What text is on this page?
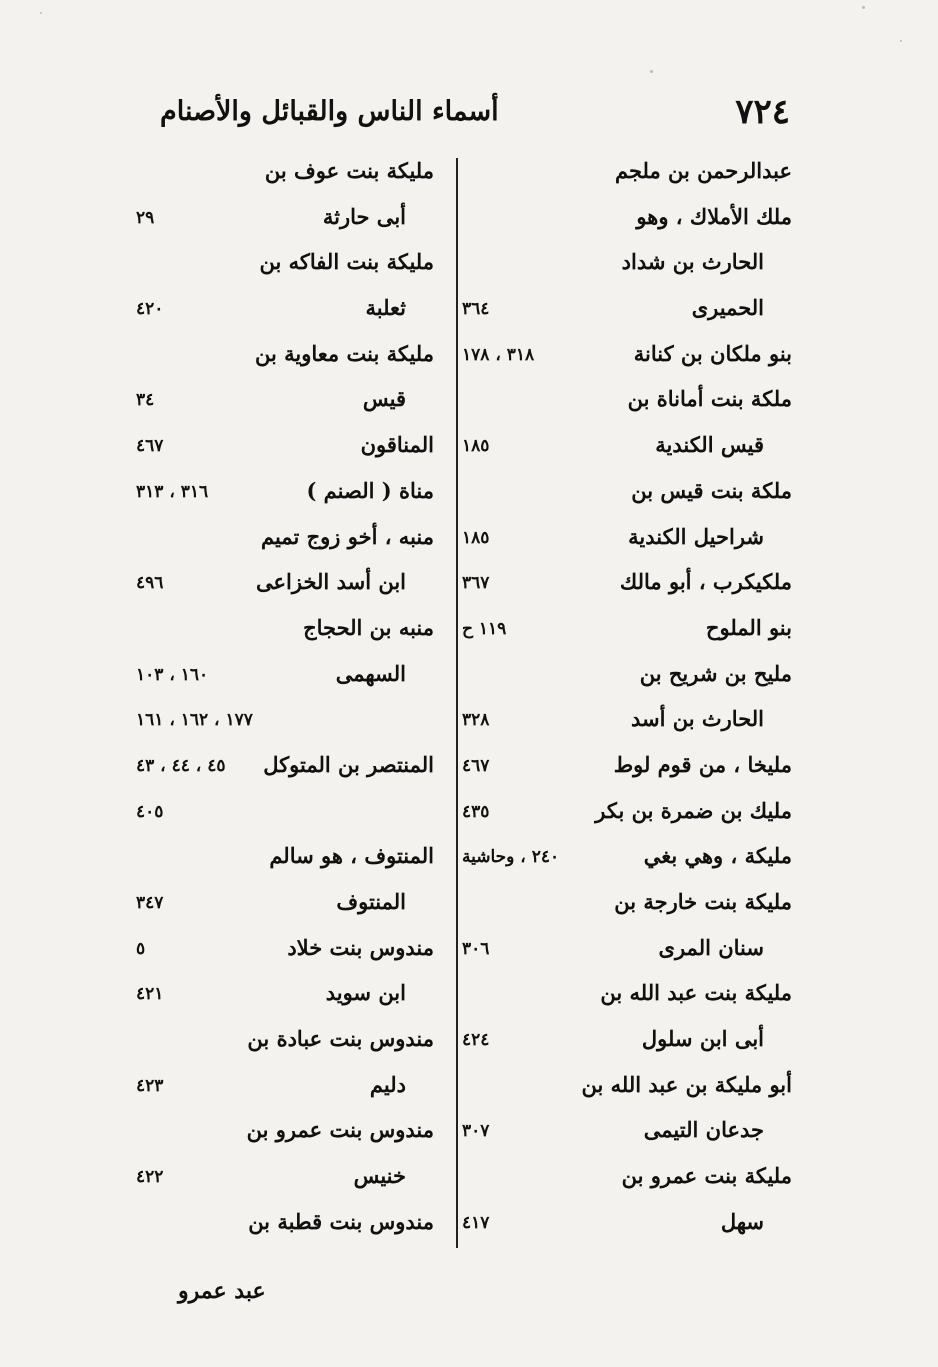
٧٢٤
أسماء الناس والقبائل والأصنام
عبدالرحمن بن ملجم
ملك الأملاك ، وهو
الحارث بن شداد
الحميرى
٣٦٤
بنو ملكان بن كنانة
٣١٨ ، ١٧٨
ملكة بنت أماناة بن
قيس الكندية
١٨٥
ملكة بنت قيس بن
شراحيل الكندية
١٨٥
ملكيكرب ، أبو مالك
٣٦٧
بنو الملوح
١١٩ ح
مليح بن شريح بن
الحارث بن أسد
٣٢٨
مليخا ، من قوم لوط
٤٦٧
مليك بن ضمرة بن بكر
٤٣٥
مليكة ، وهي بغي
٢٤٠ ، وحاشية
مليكة بنت خارجة بن
سنان المرى
٣٠٦
مليكة بنت عبد الله بن
أبى ابن سلول
٤٢٤
أبو مليكة بن عبد الله بن
جدعان التيمى
٣٠٧
مليكة بنت عمرو بن
سهل
٤١٧
مليكة بنت عوف بن
أبى حارثة
٢٩
مليكة بنت الفاكه بن
ثعلبة
٤٢٠
مليكة بنت معاوية بن
قيس
٣٤
المناقون
٤٦٧
مناة ( الصنم )
٣١٦ ، ٣١٣
منبه ، أخو زوج تميم
ابن أسد الخزاعى
٤٩٦
منبه بن الحجاج
السهمى
١٦٠ ، ١٠٣
١٧٧ ، ١٦٢ ، ١٦١
المنتصر بن المتوكل
٤٥ ، ٤٤ ، ٤٣
٤٠٥
المنتوف ، هو سالم
المنتوف
٣٤٧
مندوس بنت خلاد
٥
ابن سويد
٤٢١
مندوس بنت عبادة بن
دليم
٤٢٣
مندوس بنت عمرو بن
خنيس
٤٢٢
مندوس بنت قطبة بن
عبد عمرو
